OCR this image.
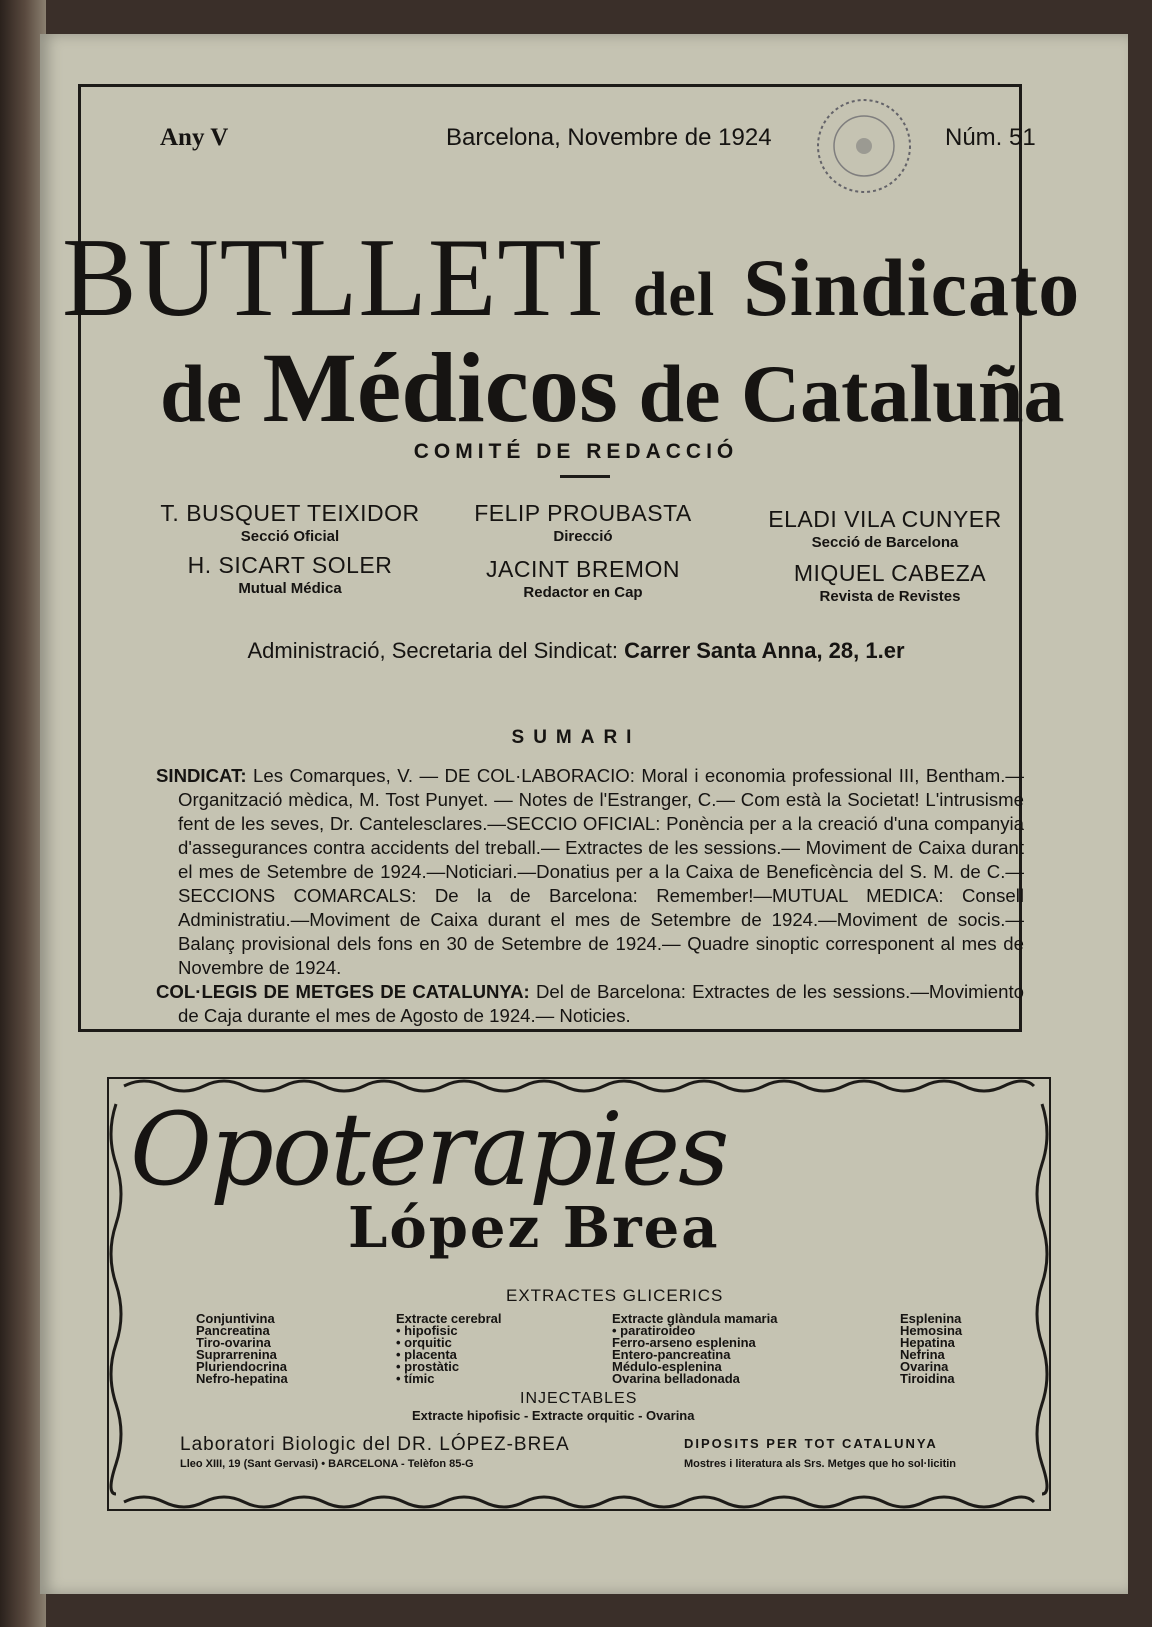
Any V	Barcelona, Novembre de 1924	Núm. 51
BUTLLETI del Sindicato
de Médicos de Cataluña
COMITÉ DE REDACCIÓ
T. BUSQUET TEIXIDOR
Secció Oficial
FELIP PROUBASTA
Direcció
ELADI VILA CUNYER
Secció de Barcelona
H. SICART SOLER
Mutual Médica
JACINT BREMON
Redactor en Cap
MIQUEL CABEZA
Revista de Revistes
Administració, Secretaria del Sindicat: Carrer Santa Anna, 28, 1.er
SUMARI
SINDICAT: Les Comarques, V. — DE COL·LABORACIO: Moral i economia professional III, Bentham.— Organització mèdica, M. Tost Punyet. — Notes de l'Estranger, C.— Com està la Societat! L'intrusisme fent de les seves, Dr. Cantelesclares.—SECCIO OFICIAL: Ponència per a la creació d'una companyia d'assegurances contra accidents del treball.— Extractes de les sessions.— Moviment de Caixa durant el mes de Setembre de 1924.—Noticiari.—Donatius per a la Caixa de Beneficència del S. M. de C.— SECCIONS COMARCALS: De la de Barcelona: Remember!—MUTUAL MEDICA: Consell Administratiu.—Moviment de Caixa durant el mes de Setembre de 1924.—Moviment de socis.—Balanç provisional dels fons en 30 de Setembre de 1924.— Quadre sinoptic corresponent al mes de Novembre de 1924.
COL·LEGIS DE METGES DE CATALUNYA: Del de Barcelona: Extractes de les sessions.—Movimiento de Caja durante el mes de Agosto de 1924.— Noticies.
Opoterapies
López Brea
EXTRACTES GLICERICS
Conjuntivina
Pancreatina
Tiro-ovarina
Suprarrenina
Pluriendocrina
Nefro-hepatina
Extracte cerebral
• hipofisic
• orquitic
• placenta
• prostàtic
• tímic
Extracte glàndula mamaria
• paratiroideo
Ferro-arseno esplenina
Entero-pancreatina
Médulo-esplenina
Ovarina belladonada
Esplenina
Hemosina
Hepatina
Nefrina
Ovarina
Tiroidina
INJECTABLES
Extracte hipofisic - Extracte orquitic - Ovarina
Laboratori Biologic del DR. LÓPEZ-BREA
Lleo XIII, 19 (Sant Gervasi) • BARCELONA - Telèfon 85-G
DIPOSITS PER TOT CATALUNYA
Mostres i literatura als Srs. Metges que ho sol·licitin
